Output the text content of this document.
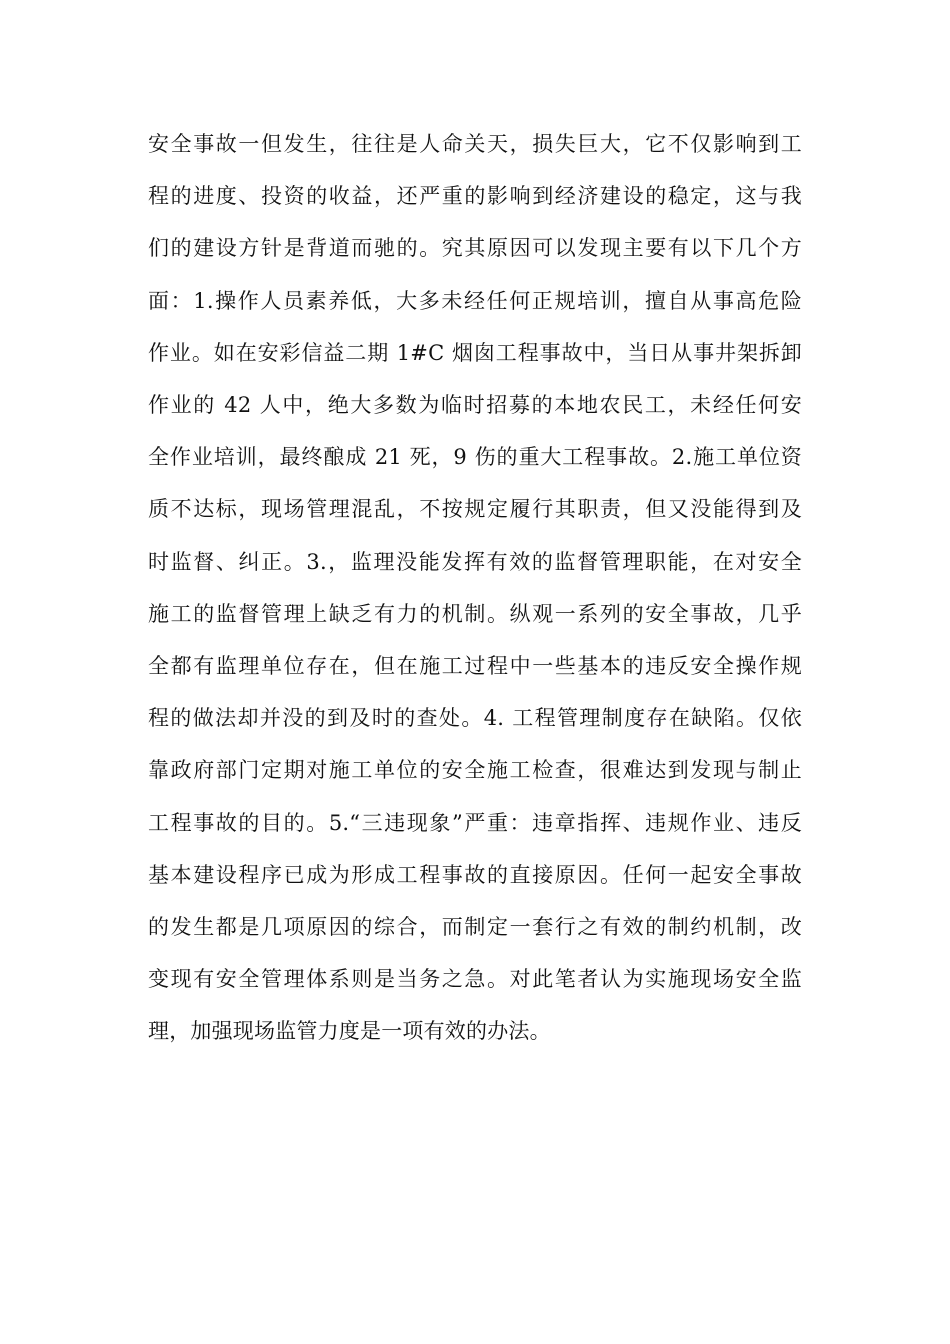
安全事故一但发生，往往是人命关天，损失巨大，它不仅影响到工
程的进度、投资的收益，还严重的影响到经济建设的稳定，这与我
们的建设方针是背道而驰的。究其原因可以发现主要有以下几个方
面：1.操作人员素养低，大多未经任何正规培训，擅自从事高危险
作业。如在安彩信益二期 1#C 烟囱工程事故中，当日从事井架拆卸
作业的 42 人中，绝大多数为临时招募的本地农民工，未经任何安
全作业培训，最终酿成 21 死，9 伤的重大工程事故。2.施工单位资
质不达标，现场管理混乱，不按规定履行其职责，但又没能得到及
时监督、纠正。3.，监理没能发挥有效的监督管理职能，在对安全
施工的监督管理上缺乏有力的机制。纵观一系列的安全事故，几乎
全都有监理单位存在，但在施工过程中一些基本的违反安全操作规
程的做法却并没的到及时的查处。4. 工程管理制度存在缺陷。仅依
靠政府部门定期对施工单位的安全施工检查，很难达到发现与制止
工程事故的目的。5.“三违现象”严重：违章指挥、违规作业、违反
基本建设程序已成为形成工程事故的直接原因。任何一起安全事故
的发生都是几项原因的综合，而制定一套行之有效的制约机制，改
变现有安全管理体系则是当务之急。对此笔者认为实施现场安全监
理，加强现场监管力度是一项有效的办法。
